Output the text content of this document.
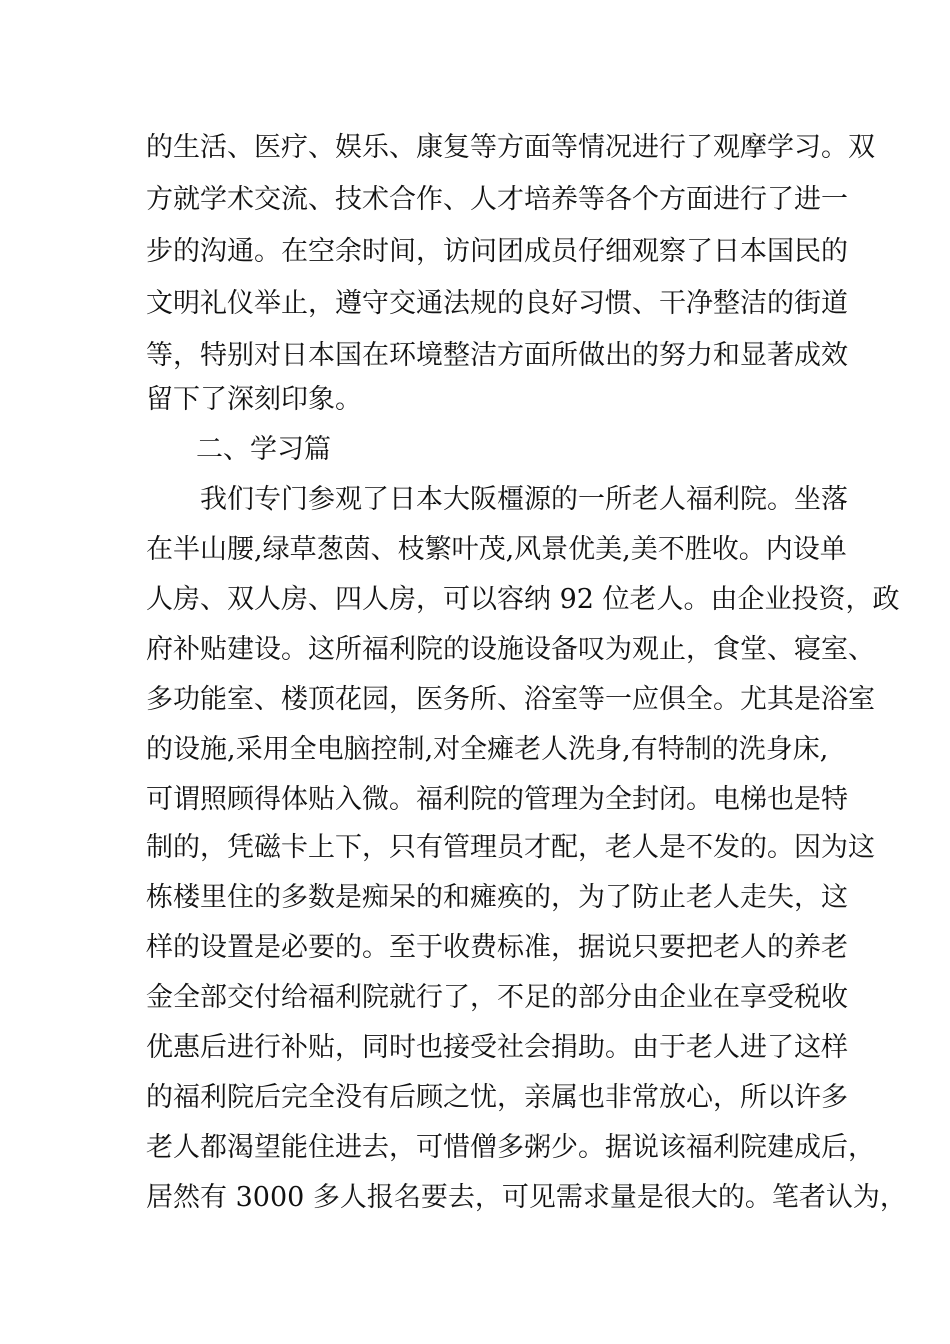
的生活、医疗、娱乐、康复等方面等情况进行了观摩学习。双
方就学术交流、技术合作、人才培养等各个方面进行了进一
步的沟通。在空余时间，访问团成员仔细观察了日本国民的
文明礼仪举止，遵守交通法规的良好习惯、干净整洁的街道
等，特别对日本国在环境整洁方面所做出的努力和显著成效
留下了深刻印象。
二、学习篇
我们专门参观了日本大阪橿源的一所老人福利院。坐落
在半山腰,绿草葱茵、枝繁叶茂,风景优美,美不胜收。内设单
人房、双人房、四人房，可以容纳 92 位老人。由企业投资，政
府补贴建设。这所福利院的设施设备叹为观止，食堂、寝室、
多功能室、楼顶花园，医务所、浴室等一应俱全。尤其是浴室
的设施,采用全电脑控制,对全瘫老人洗身,有特制的洗身床,
可谓照顾得体贴入微。福利院的管理为全封闭。电梯也是特
制的，凭磁卡上下，只有管理员才配，老人是不发的。因为这
栋楼里住的多数是痴呆的和瘫痪的，为了防止老人走失，这
样的设置是必要的。至于收费标准，据说只要把老人的养老
金全部交付给福利院就行了，不足的部分由企业在享受税收
优惠后进行补贴，同时也接受社会捐助。由于老人进了这样
的福利院后完全没有后顾之忧，亲属也非常放心，所以许多
老人都渴望能住进去，可惜僧多粥少。据说该福利院建成后，
居然有 3000 多人报名要去，可见需求量是很大的。笔者认为，
